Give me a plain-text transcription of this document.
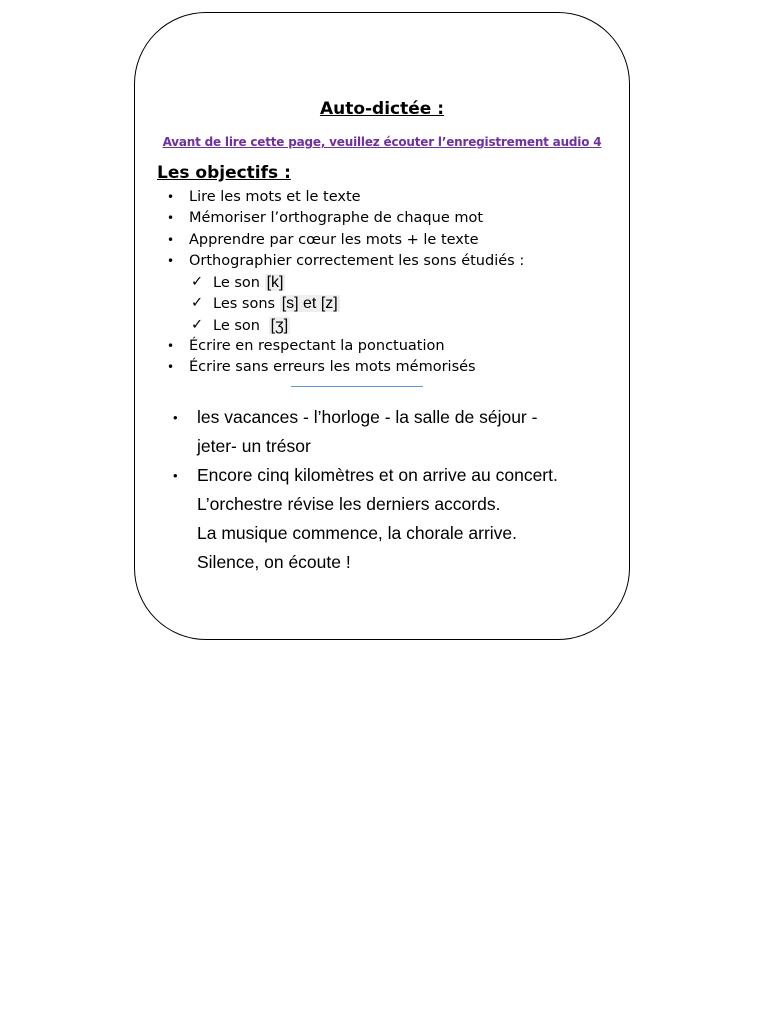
Auto-dictée :
Avant de lire cette page, veuillez écouter l’enregistrement audio 4
Les objectifs :
• Lire les mots et le texte
• Mémoriser l’orthographe de chaque mot
• Apprendre par cœur les mots + le texte
• Orthographier correctement les sons étudiés :
✓ Le son [k]
✓ Les sons [s] et [z]
✓ Le son [ʒ]
• Écrire en respectant la ponctuation
• Écrire sans erreurs les mots mémorisés
• les vacances - l’horloge - la salle de séjour -
jeter- un trésor
• Encore cinq kilomètres et on arrive au concert.
L’orchestre révise les derniers accords.
La musique commence, la chorale arrive.
Silence, on écoute !
